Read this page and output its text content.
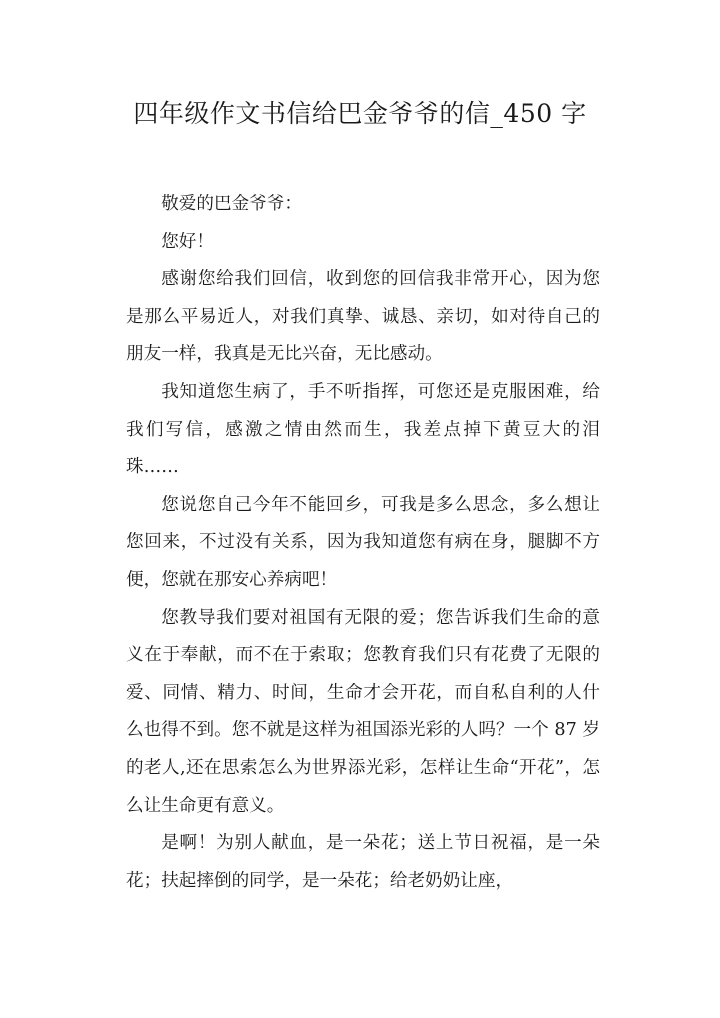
四年级作文书信给巴金爷爷的信_450 字

敬爱的巴金爷爷：

您好！

感谢您给我们回信，收到您的回信我非常开心，因为您是那么平易近人，对我们真挚、诚恳、亲切，如对待自己的朋友一样，我真是无比兴奋，无比感动。

我知道您生病了，手不听指挥，可您还是克服困难，给我们写信，感激之情由然而生，我差点掉下黄豆大的泪珠……

您说您自己今年不能回乡，可我是多么思念，多么想让您回来，不过没有关系，因为我知道您有病在身，腿脚不方便，您就在那安心养病吧！

您教导我们要对祖国有无限的爱；您告诉我们生命的意义在于奉献，而不在于索取；您教育我们只有花费了无限的爱、同情、精力、时间，生命才会开花，而自私自利的人什么也得不到。您不就是这样为祖国添光彩的人吗？一个 87 岁的老人,还在思索怎么为世界添光彩，怎样让生命“开花”，怎么让生命更有意义。

是啊！为别人献血，是一朵花；送上节日祝福，是一朵花；扶起摔倒的同学，是一朵花；给老奶奶让座，
